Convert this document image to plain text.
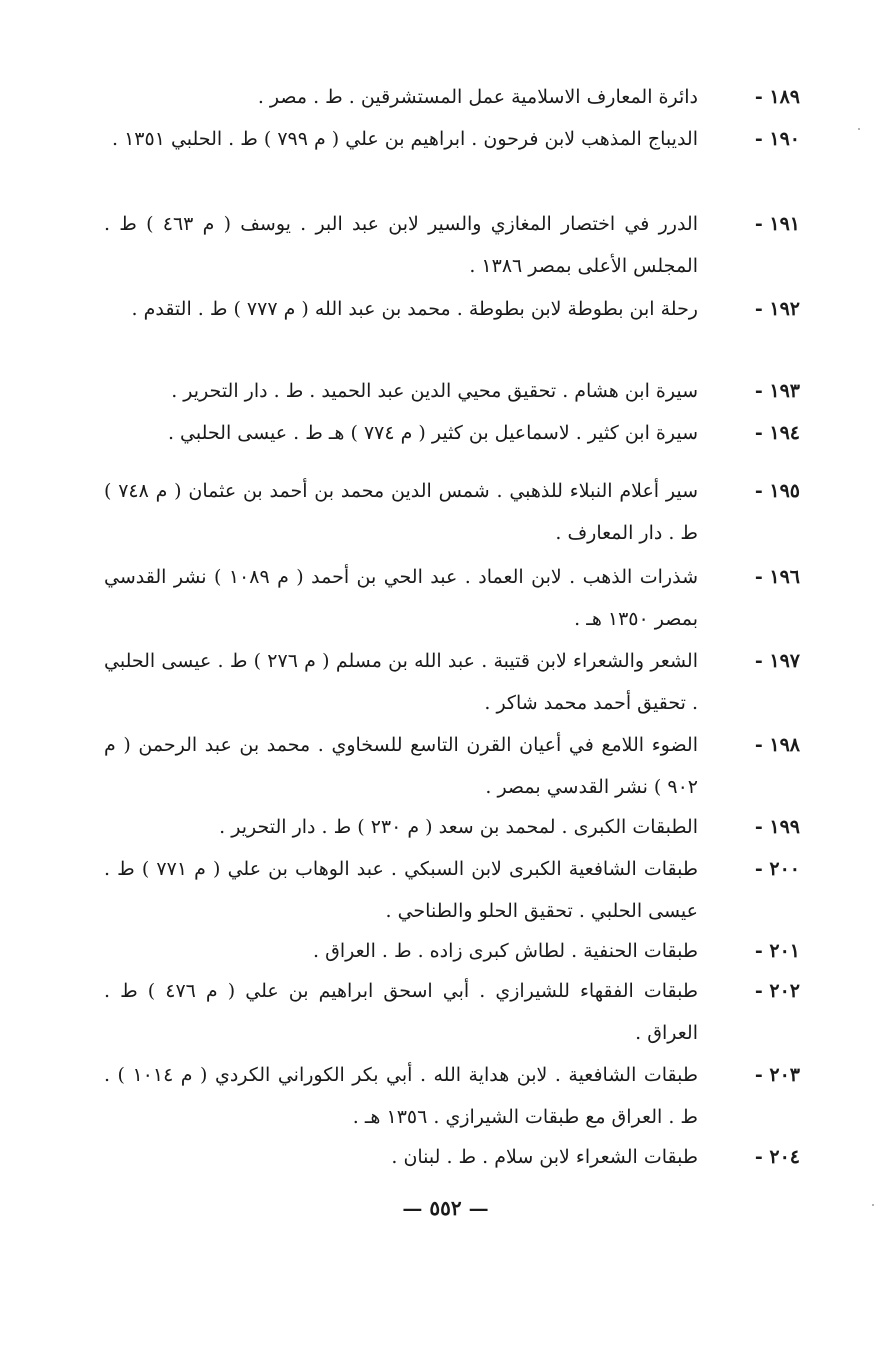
١٨٩ -
دائرة المعارف الاسلامية عمل المستشرقين . ط . مصر .
١٩٠ -
الديباج المذهب لابن فرحون . ابراهيم بن علي ( م ٧٩٩ ) ط . الحلبي ١٣٥١ .
١٩١ -
الدرر في اختصار المغازي والسير لابن عبد البر . يوسف ( م ٤٦٣ ) ط . المجلس الأعلى بمصر ١٣٨٦ .
١٩٢ -
رحلة ابن بطوطة لابن بطوطة . محمد بن عبد الله ( م ٧٧٧ ) ط . التقدم .
١٩٣ -
سيرة ابن هشام . تحقيق محيي الدين عبد الحميد . ط . دار التحرير .
١٩٤ -
سيرة ابن كثير . لاسماعيل بن كثير ( م ٧٧٤ ) هـ ط . عيسى الحلبي .
١٩٥ -
سير أعلام النبلاء للذهبي . شمس الدين محمد بن أحمد بن عثمان ( م ٧٤٨ ) ط . دار المعارف .
١٩٦ -
شذرات الذهب . لابن العماد . عبد الحي بن أحمد ( م ١٠٨٩ ) نشر القدسي بمصر ١٣٥٠ هـ .
١٩٧ -
الشعر والشعراء لابن قتيبة . عبد الله بن مسلم ( م ٢٧٦ ) ط . عيسى الحلبي . تحقيق أحمد محمد شاكر .
١٩٨ -
الضوء اللامع في أعيان القرن التاسع للسخاوي . محمد بن عبد الرحمن ( م ٩٠٢ ) نشر القدسي بمصر .
١٩٩ -
الطبقات الكبرى . لمحمد بن سعد ( م ٢٣٠ ) ط . دار التحرير .
٢٠٠ -
طبقات الشافعية الكبرى لابن السبكي . عبد الوهاب بن علي ( م ٧٧١ ) ط . عيسى الحلبي . تحقيق الحلو والطناحي .
٢٠١ -
طبقات الحنفية . لطاش كبرى زاده . ط . العراق .
٢٠٢ -
طبقات الفقهاء للشيرازي . أبي اسحق ابراهيم بن علي ( م ٤٧٦ ) ط . العراق .
٢٠٣ -
طبقات الشافعية . لابن هداية الله . أبي بكر الكوراني الكردي ( م ١٠١٤ ) . ط . العراق مع طبقات الشيرازي . ١٣٥٦ هـ .
٢٠٤ -
طبقات الشعراء لابن سلام . ط . لبنان .
— ٥٥٢ —
